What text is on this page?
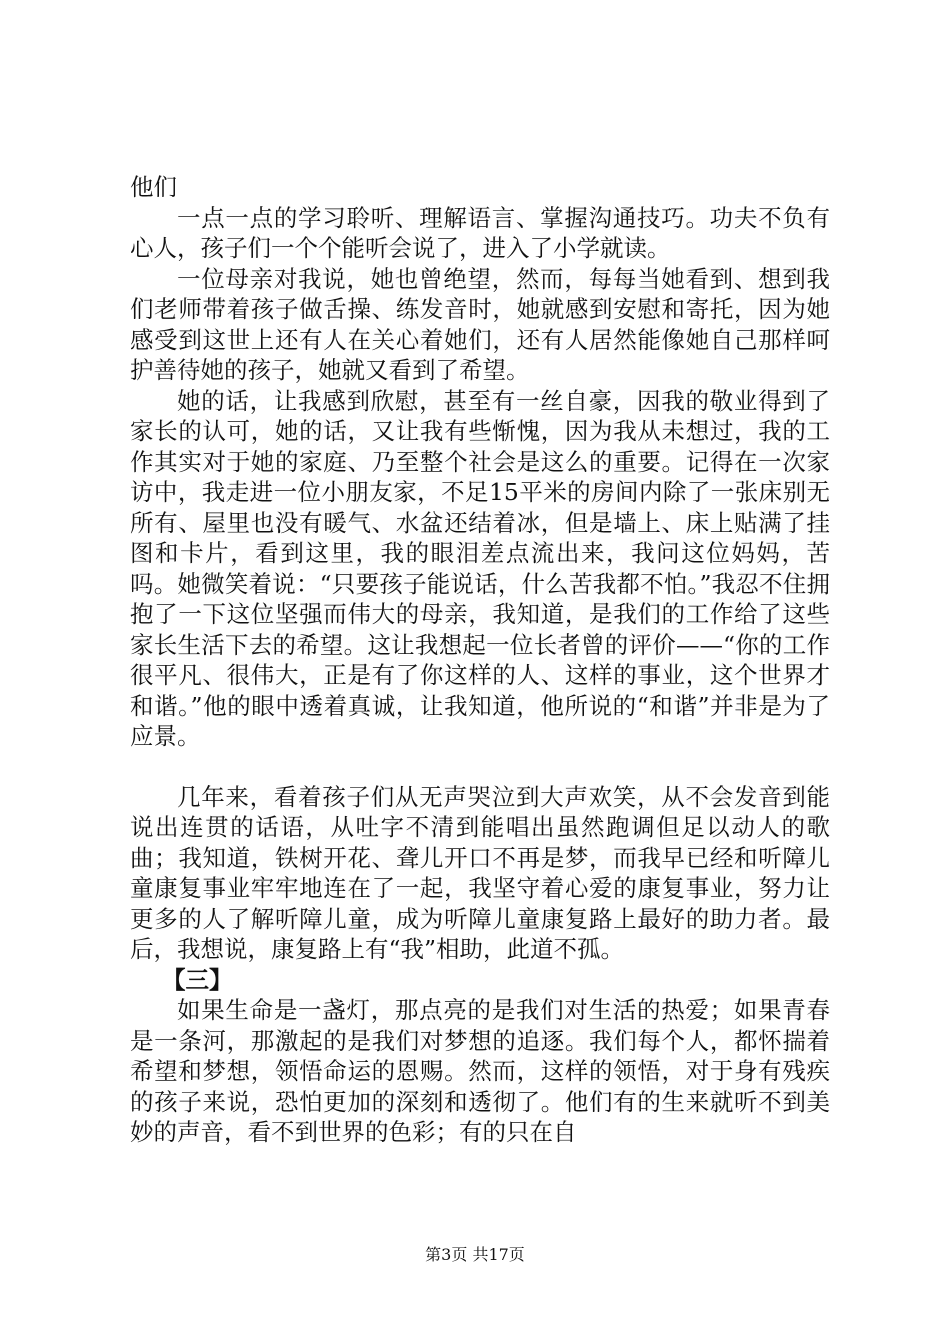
他们

一点一点的学习聆听、理解语言、掌握沟通技巧。功夫不负有心人，孩子们一个个能听会说了，进入了小学就读。

一位母亲对我说，她也曾绝望，然而，每每当她看到、想到我们老师带着孩子做舌操、练发音时，她就感到安慰和寄托，因为她感受到这世上还有人在关心着她们，还有人居然能像她自己那样呵护善待她的孩子，她就又看到了希望。

她的话，让我感到欣慰，甚至有一丝自豪，因我的敬业得到了家长的认可，她的话，又让我有些惭愧，因为我从未想过，我的工作其实对于她的家庭、乃至整个社会是这么的重要。记得在一次家访中，我走进一位小朋友家，不足15平米的房间内除了一张床别无所有、屋里也没有暖气、水盆还结着冰，但是墙上、床上贴满了挂图和卡片，看到这里，我的眼泪差点流出来，我问这位妈妈，苦吗。她微笑着说：“只要孩子能说话，什么苦我都不怕。”我忍不住拥抱了一下这位坚强而伟大的母亲，我知道，是我们的工作给了这些家长生活下去的希望。这让我想起一位长者曾的评价——“你的工作很平凡、很伟大，正是有了你这样的人、这样的事业，这个世界才和谐。”他的眼中透着真诚，让我知道，他所说的“和谐”并非是为了应景。

几年来，看着孩子们从无声哭泣到大声欢笑，从不会发音到能说出连贯的话语，从吐字不清到能唱出虽然跑调但足以动人的歌曲；我知道，铁树开花、聋儿开口不再是梦，而我早已经和听障儿童康复事业牢牢地连在了一起，我坚守着心爱的康复事业，努力让更多的人了解听障儿童，成为听障儿童康复路上最好的助力者。最后，我想说，康复路上有“我”相助，此道不孤。

【三】

如果生命是一盏灯，那点亮的是我们对生活的热爱；如果青春是一条河，那激起的是我们对梦想的追逐。我们每个人，都怀揣着希望和梦想，领悟命运的恩赐。然而，这样的领悟，对于身有残疾的孩子来说，恐怕更加的深刻和透彻了。他们有的生来就听不到美妙的声音，看不到世界的色彩；有的只在自

第3页 共17页
